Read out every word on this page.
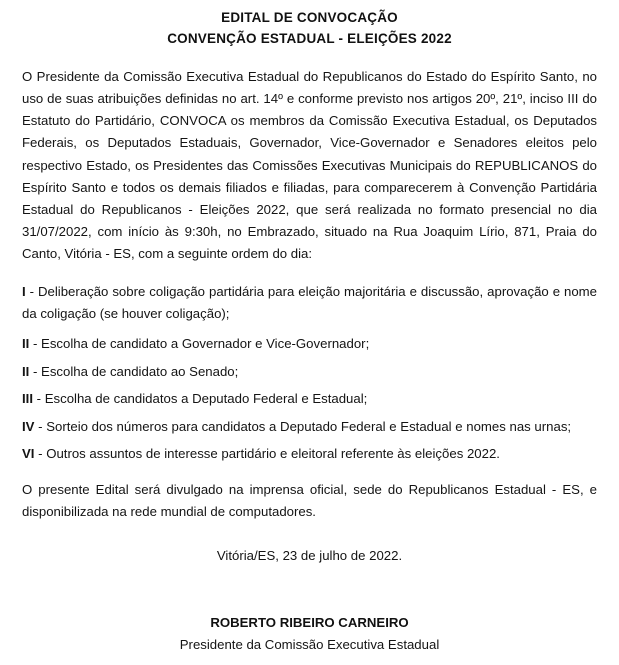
EDITAL DE CONVOCAÇÃO
CONVENÇÃO ESTADUAL - ELEIÇÕES 2022

O Presidente da Comissão Executiva Estadual do Republicanos do Estado do Espírito Santo, no uso de suas atribuições definidas no art. 14º e conforme previsto nos artigos 20º, 21º, inciso III do Estatuto do Partidário, CONVOCA os membros da Comissão Executiva Estadual, os Deputados Federais, os Deputados Estaduais, Governador, Vice-Governador e Senadores eleitos pelo respectivo Estado, os Presidentes das Comissões Executivas Municipais do REPUBLICANOS do Espírito Santo e todos os demais filiados e filiadas, para comparecerem à Convenção Partidária Estadual do Republicanos - Eleições 2022, que será realizada no formato presencial no dia 31/07/2022, com início às 9:30h, no Embrazado, situado na Rua Joaquim Lírio, 871, Praia do Canto, Vitória - ES, com a seguinte ordem do dia:

I - Deliberação sobre coligação partidária para eleição majoritária e discussão, aprovação e nome da coligação (se houver coligação);

II - Escolha de candidato a Governador e Vice-Governador;

II - Escolha de candidato ao Senado;

III - Escolha de candidatos a Deputado Federal e Estadual;

IV - Sorteio dos números para candidatos a Deputado Federal e Estadual e nomes nas urnas;

VI - Outros assuntos de interesse partidário e eleitoral referente às eleições 2022.

O presente Edital será divulgado na imprensa oficial, sede do Republicanos Estadual - ES, e disponibilizada na rede mundial de computadores.

Vitória/ES, 23 de julho de 2022.

ROBERTO RIBEIRO CARNEIRO
Presidente da Comissão Executiva Estadual
